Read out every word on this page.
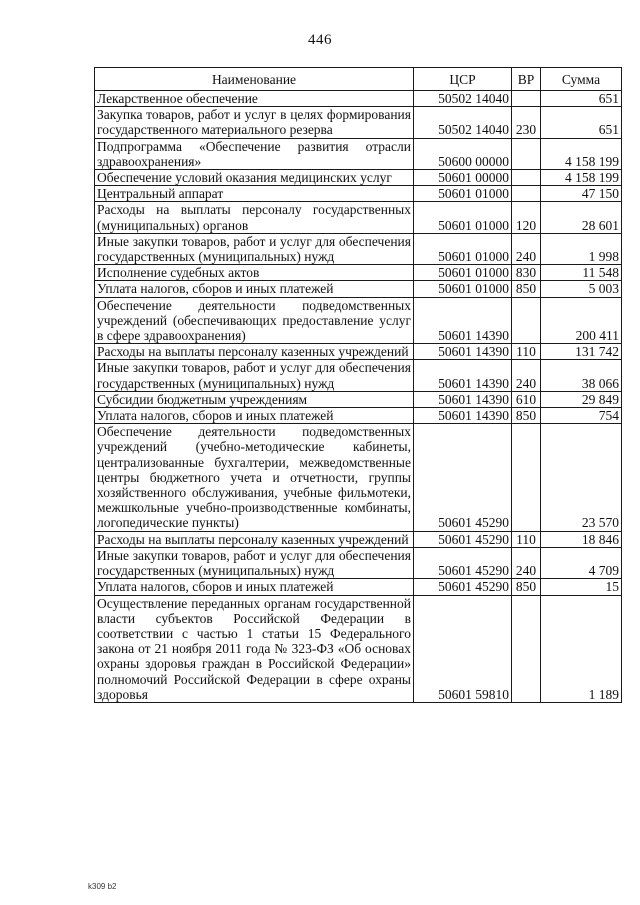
446
Наименование	ЦСР	ВР	Сумма
Лекарственное обеспечение	50502 14040		651
Закупка товаров, работ и услуг в целях формирования государственного материального резерва	50502 14040	230	651
Подпрограмма «Обеспечение развития отрасли здравоохранения»	50600 00000		4 158 199
Обеспечение условий оказания медицинских услуг	50601 00000		4 158 199
Центральный аппарат	50601 01000		47 150
Расходы на выплаты персоналу государственных (муниципальных) органов	50601 01000	120	28 601
Иные закупки товаров, работ и услуг для обеспечения государственных (муниципальных) нужд	50601 01000	240	1 998
Исполнение судебных актов	50601 01000	830	11 548
Уплата налогов, сборов и иных платежей	50601 01000	850	5 003
Обеспечение деятельности подведомственных учреждений (обеспечивающих предоставление услуг в сфере здравоохранения)	50601 14390		200 411
Расходы на выплаты персоналу казенных учреждений	50601 14390	110	131 742
Иные закупки товаров, работ и услуг для обеспечения государственных (муниципальных) нужд	50601 14390	240	38 066
Субсидии бюджетным учреждениям	50601 14390	610	29 849
Уплата налогов, сборов и иных платежей	50601 14390	850	754
Обеспечение деятельности подведомственных учреждений (учебно-методические кабинеты, централизованные бухгалтерии, межведомственные центры бюджетного учета и отчетности, группы хозяйственного обслуживания, учебные фильмотеки, межшкольные учебно-производственные комбинаты, логопедические пункты)	50601 45290		23 570
Расходы на выплаты персоналу казенных учреждений	50601 45290	110	18 846
Иные закупки товаров, работ и услуг для обеспечения государственных (муниципальных) нужд	50601 45290	240	4 709
Уплата налогов, сборов и иных платежей	50601 45290	850	15
Осуществление переданных органам государственной власти субъектов Российской Федерации в соответствии с частью 1 статьи 15 Федерального закона от 21 ноября 2011 года № 323-ФЗ «Об основах охраны здоровья граждан в Российской Федерации» полномочий Российской Федерации в сфере охраны здоровья	50601 59810		1 189
k309 b2
